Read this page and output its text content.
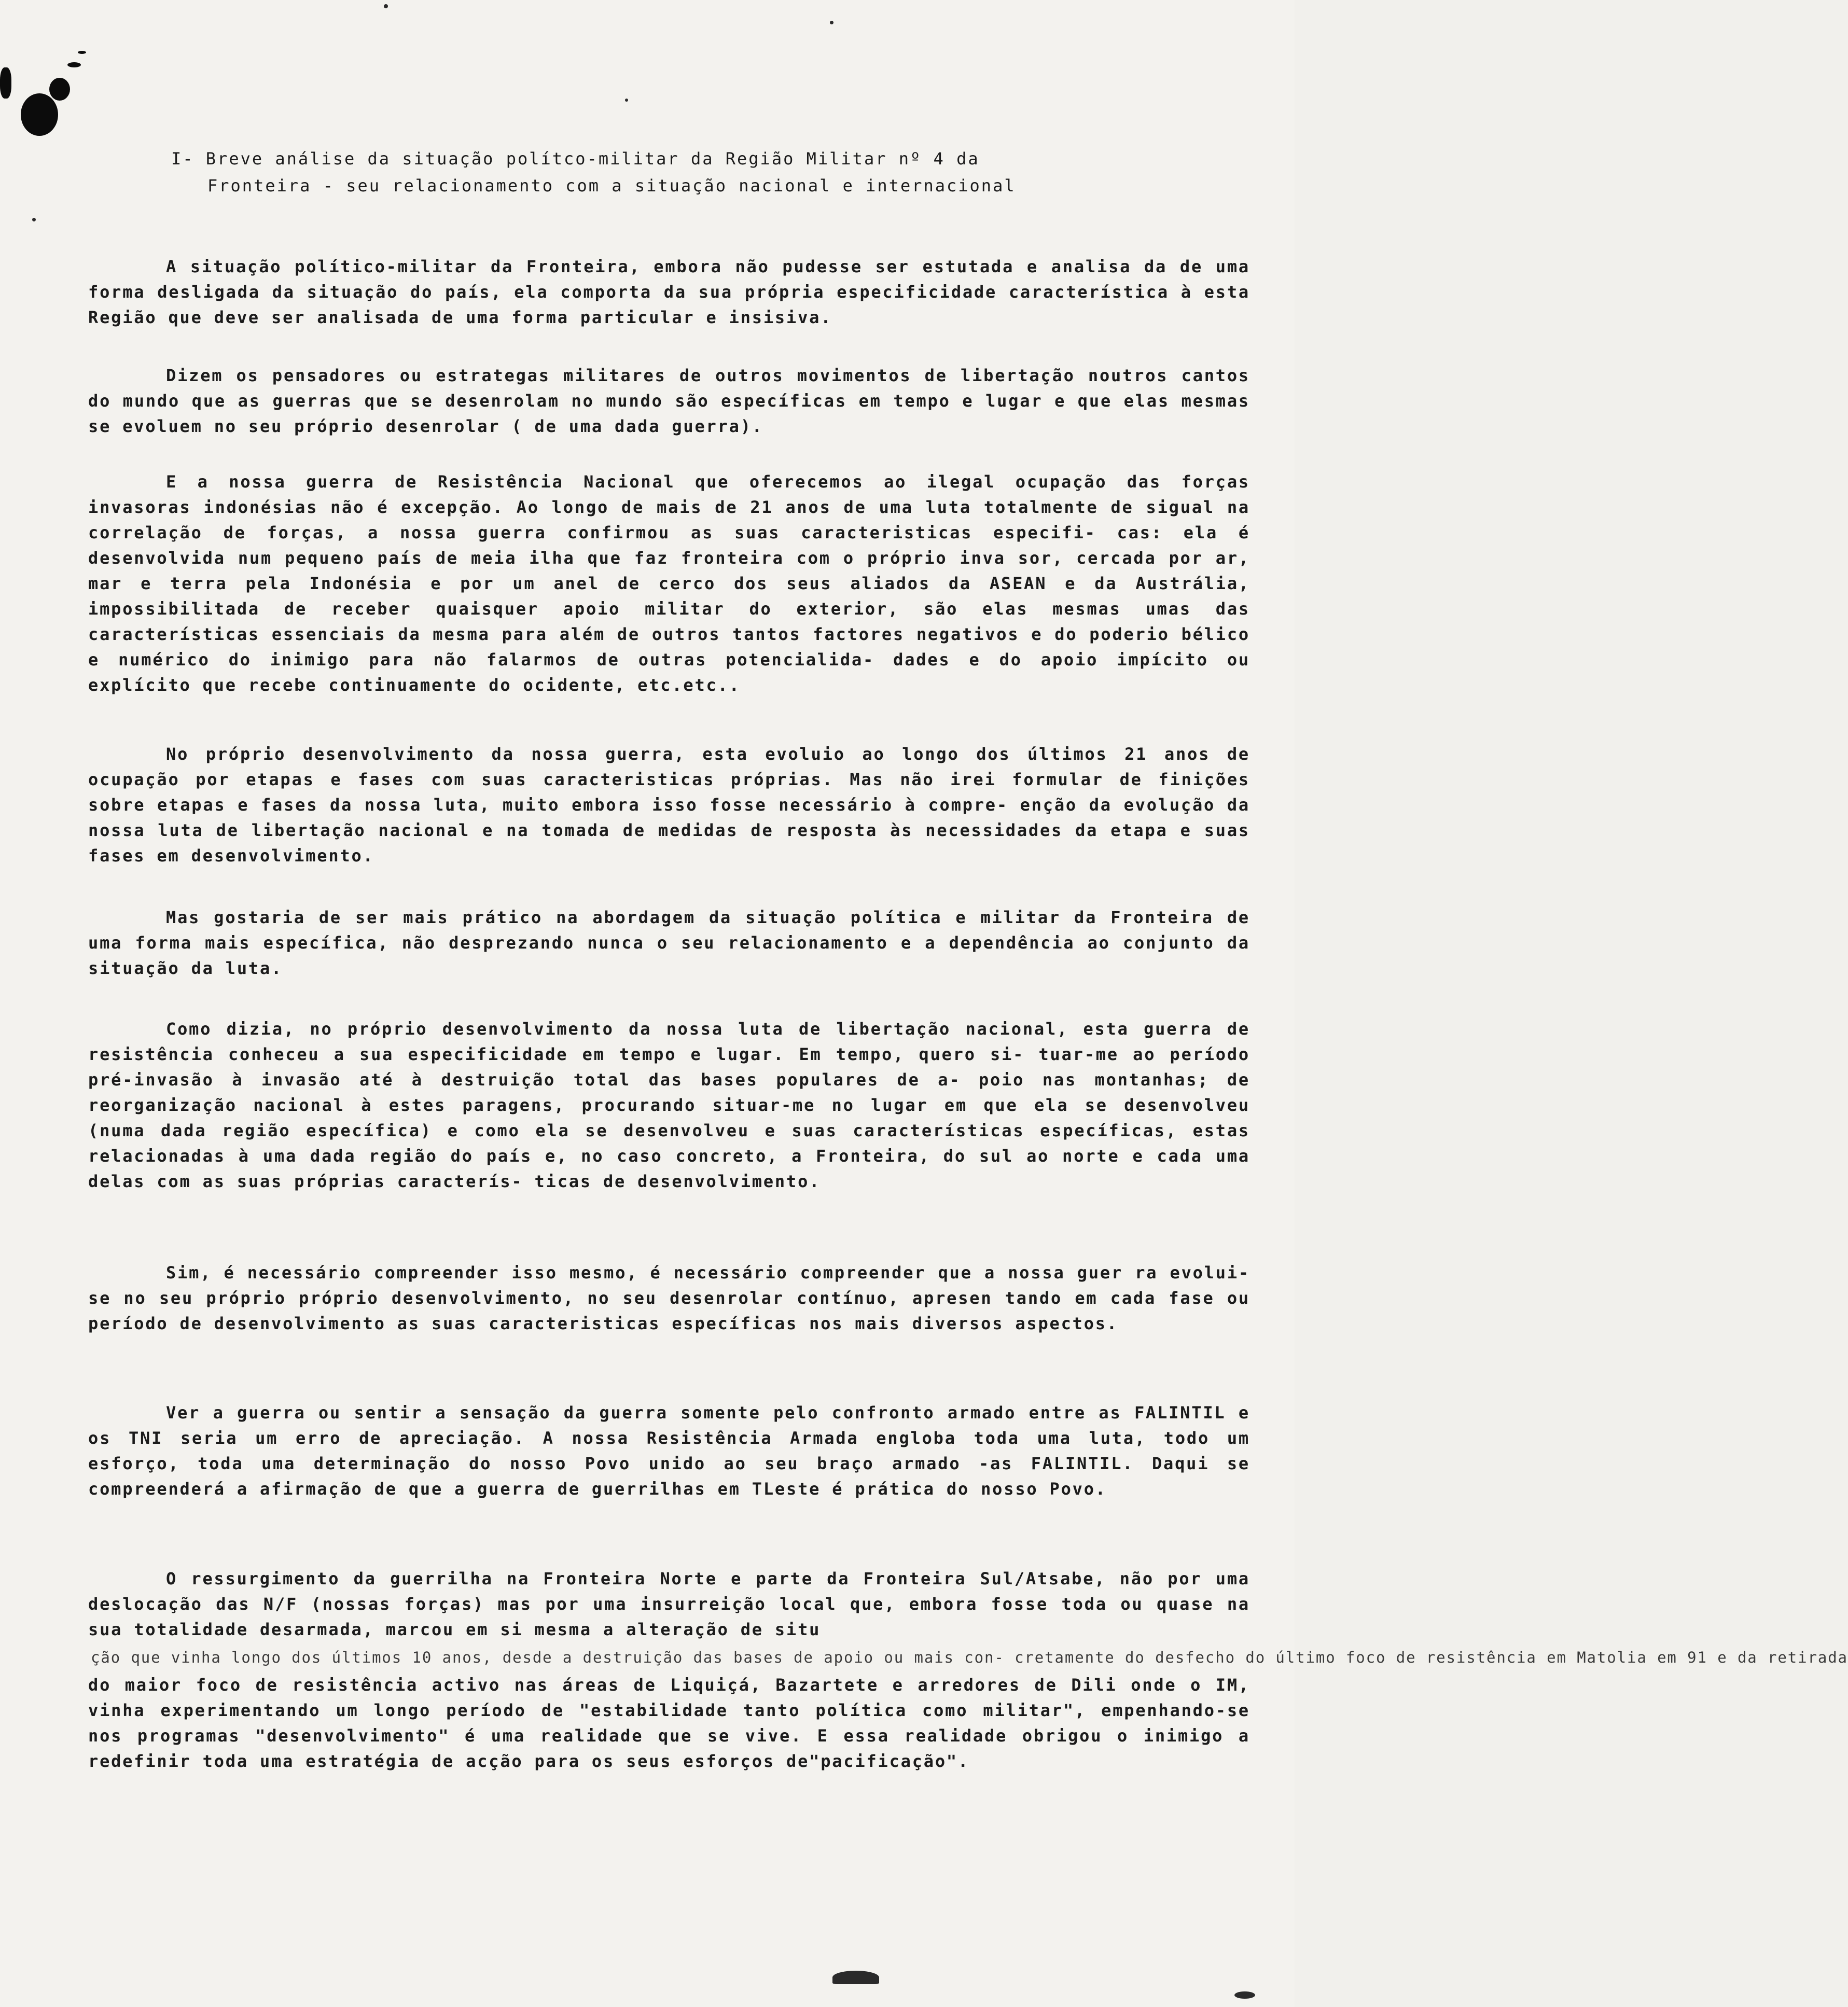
I- Breve análise da situação polítco-militar da Região Militar nº 4 da
Fronteira - seu relacionamento com a situação nacional e internacional

A situação político-militar da Fronteira, embora não pudesse ser estutada e analisa da de uma forma desligada da situação do país, ela comporta da sua própria especificidade característica à esta Região que deve ser analisada de uma forma particular e insisiva.

Dizem os pensadores ou estrategas militares de outros movimentos de libertação noutros cantos do mundo que as guerras que se desenrolam no mundo são específicas em tempo e lugar e que elas mesmas se evoluem no seu próprio desenrolar ( de uma dada guerra).

E a nossa guerra de Resistência Nacional que oferecemos ao ilegal ocupação das forças invasoras indonésias não é excepção. Ao longo de mais de 21 anos de uma luta totalmente de sigual na correlação de forças, a nossa guerra confirmou as suas caracteristicas especifi- cas: ela é desenvolvida num pequeno país de meia ilha que faz fronteira com o próprio inva sor, cercada por ar, mar e terra pela Indonésia e por um anel de cerco dos seus aliados da ASEAN e da Austrália, impossibilitada de receber quaisquer apoio militar do exterior, são elas mesmas umas das características essenciais da mesma para além de outros tantos factores negativos e do poderio bélico e numérico do inimigo para não falarmos de outras potencialida- dades e do apoio impícito ou explícito que recebe continuamente do ocidente, etc.etc..

No próprio desenvolvimento da nossa guerra, esta evoluio ao longo dos últimos 21 anos de ocupação por etapas e fases com suas caracteristicas próprias. Mas não irei formular de finições sobre etapas e fases da nossa luta, muito embora isso fosse necessário à compre- enção da evolução da nossa luta de libertação nacional e na tomada de medidas de resposta às necessidades da etapa e suas fases em desenvolvimento.

Mas gostaria de ser mais prático na abordagem da situação política e militar da Fronteira de uma forma mais específica, não desprezando nunca o seu relacionamento e a dependência ao conjunto da situação da luta.

Como dizia, no próprio desenvolvimento da nossa luta de libertação nacional, esta guerra de resistência conheceu a sua especificidade em tempo e lugar. Em tempo, quero si- tuar-me ao período pré-invasão à invasão até à destruição total das bases populares de a- poio nas montanhas; de reorganização nacional à estes paragens, procurando situar-me no lugar em que ela se desenvolveu (numa dada região específica) e como ela se desenvolveu e suas características específicas, estas relacionadas à uma dada região do país e, no caso concreto, a Fronteira, do sul ao norte e cada uma delas com as suas próprias caracterís- ticas de desenvolvimento.

Sim, é necessário compreender isso mesmo, é necessário compreender que a nossa guer ra evolui-se no seu próprio próprio desenvolvimento, no seu desenrolar contínuo, apresen tando em cada fase ou período de desenvolvimento as suas caracteristicas específicas nos mais diversos aspectos.

Ver a guerra ou sentir a sensação da guerra somente pelo confronto armado entre as FALINTIL e os TNI seria um erro de apreciação. A nossa Resistência Armada engloba toda uma luta, todo um esforço, toda uma determinação do nosso Povo unido ao seu braço armado -as FALINTIL. Daqui se compreenderá a afirmação de que a guerra de guerrilhas em TLeste é prática do nosso Povo.

O ressurgimento da guerrilha na Fronteira Norte e parte da Fronteira Sul/Atsabe, não por uma deslocação das N/F (nossas forças) mas por uma insurreição local que, embora fosse toda ou quase na sua totalidade desarmada, marcou em si mesma a alteração de situ

ção que vinha longo dos últimos 10 anos, desde a destruição das bases de apoio ou mais con- cretamente do desfecho do último foco de resistência em Matolia em 91 e da retirada

do maior foco de resistência activo nas áreas de Liquiçá, Bazartete e arredores de Dili onde o IM, vinha experimentando um longo período de "estabilidade tanto política como militar", empenhando-se nos programas "desenvolvimento" é uma realidade que se vive. E essa realidade obrigou o inimigo a redefinir toda uma estratégia de acção para os seus esforços de"pacificação".
